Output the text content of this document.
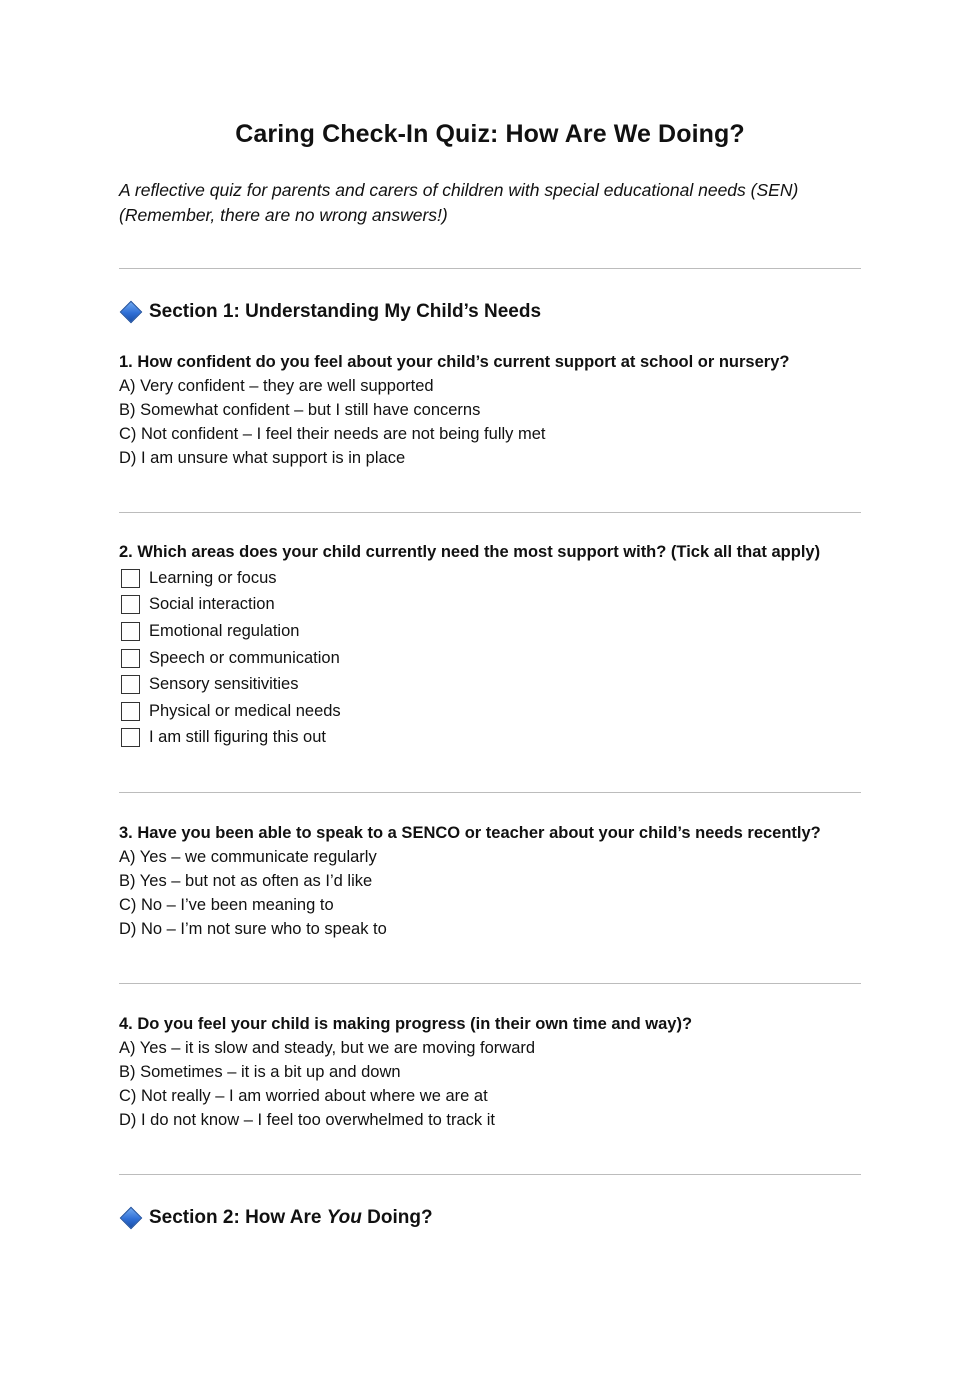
Caring Check-In Quiz: How Are We Doing?
A reflective quiz for parents and carers of children with special educational needs (SEN)
(Remember, there are no wrong answers!)
Section 1: Understanding My Child’s Needs
1. How confident do you feel about your child’s current support at school or nursery?
A) Very confident – they are well supported
B) Somewhat confident – but I still have concerns
C) Not confident – I feel their needs are not being fully met
D) I am unsure what support is in place
2. Which areas does your child currently need the most support with? (Tick all that apply)
Learning or focus
Social interaction
Emotional regulation
Speech or communication
Sensory sensitivities
Physical or medical needs
I am still figuring this out
3. Have you been able to speak to a SENCO or teacher about your child’s needs recently?
A) Yes – we communicate regularly
B) Yes – but not as often as I’d like
C) No – I’ve been meaning to
D) No – I’m not sure who to speak to
4. Do you feel your child is making progress (in their own time and way)?
A) Yes – it is slow and steady, but we are moving forward
B) Sometimes – it is a bit up and down
C) Not really – I am worried about where we are at
D) I do not know – I feel too overwhelmed to track it
Section 2: How Are You Doing?
